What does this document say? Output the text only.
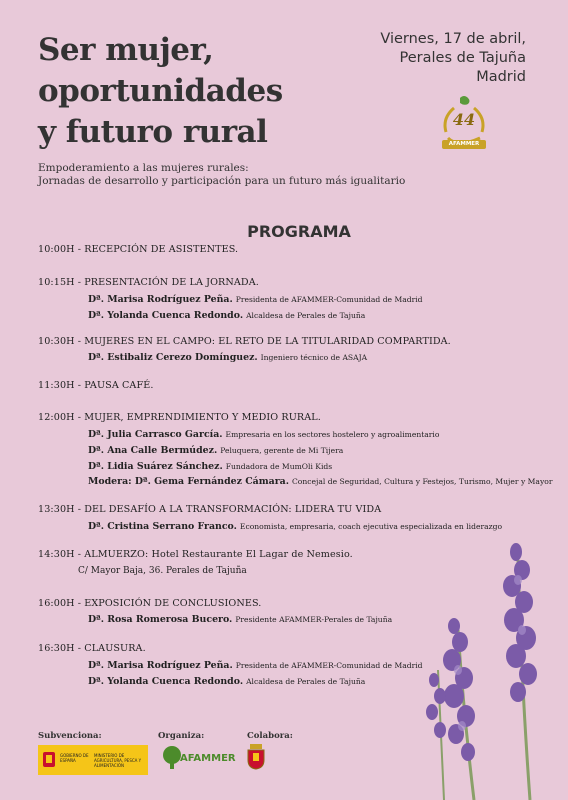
Ser mujer,
oportunidades
y futuro rural
Viernes, 17 de abril,
Perales de Tajuña
Madrid
44
AFAMMER
Empoderamiento a las mujeres rurales:
Jornadas de desarrollo y participación para un futuro más igualitario
PROGRAMA
10:00H - RECEPCIÓN DE ASISTENTES.
10:15H - PRESENTACIÓN DE LA JORNADA.
Dª. Marisa Rodríguez Peña. Presidenta de AFAMMER-Comunidad de Madrid
Dª. Yolanda Cuenca Redondo. Alcaldesa de Perales de Tajuña
10:30H - MUJERES EN EL CAMPO: EL RETO DE LA TITULARIDAD COMPARTIDA.
Dª. Estibaliz Cerezo Domínguez. Ingeniero técnico de ASAJA
11:30H - PAUSA CAFÉ.
12:00H - MUJER, EMPRENDIMIENTO Y MEDIO RURAL.
Dª. Julia Carrasco García. Empresaria en los sectores hostelero y agroalimentario
Dª. Ana Calle Bermúdez. Peluquera, gerente de Mi Tijera
Dª. Lidia Suárez Sánchez. Fundadora de MumOli Kids
Modera: Dª. Gema Fernández Cámara. Concejal de Seguridad, Cultura y Festejos, Turismo, Mujer y Mayor
13:30H - DEL DESAFÍO A LA TRANSFORMACIÓN: LIDERA TU VIDA
Dª. Cristina Serrano Franco. Economista, empresaria, coach ejecutiva especializada en liderazgo
14:30H - ALMUERZO: Hotel Restaurante El Lagar de Nemesio.
C/ Mayor Baja, 36. Perales de Tajuña
16:00H - EXPOSICIÓN DE CONCLUSIONES.
Dª. Rosa Romerosa Bucero. Presidente AFAMMER-Perales de Tajuña
16:30H - CLAUSURA.
Dª. Marisa Rodríguez Peña. Presidenta de AFAMMER-Comunidad de Madrid
Dª. Yolanda Cuenca Redondo. Alcaldesa de Perales de Tajuña
Subvenciona:	Organiza:	Colabora:
GOBIERNO DE ESPAÑA
MINISTERIO DE AGRICULTURA, PESCA Y ALIMENTACIÓN
AFAMMER
